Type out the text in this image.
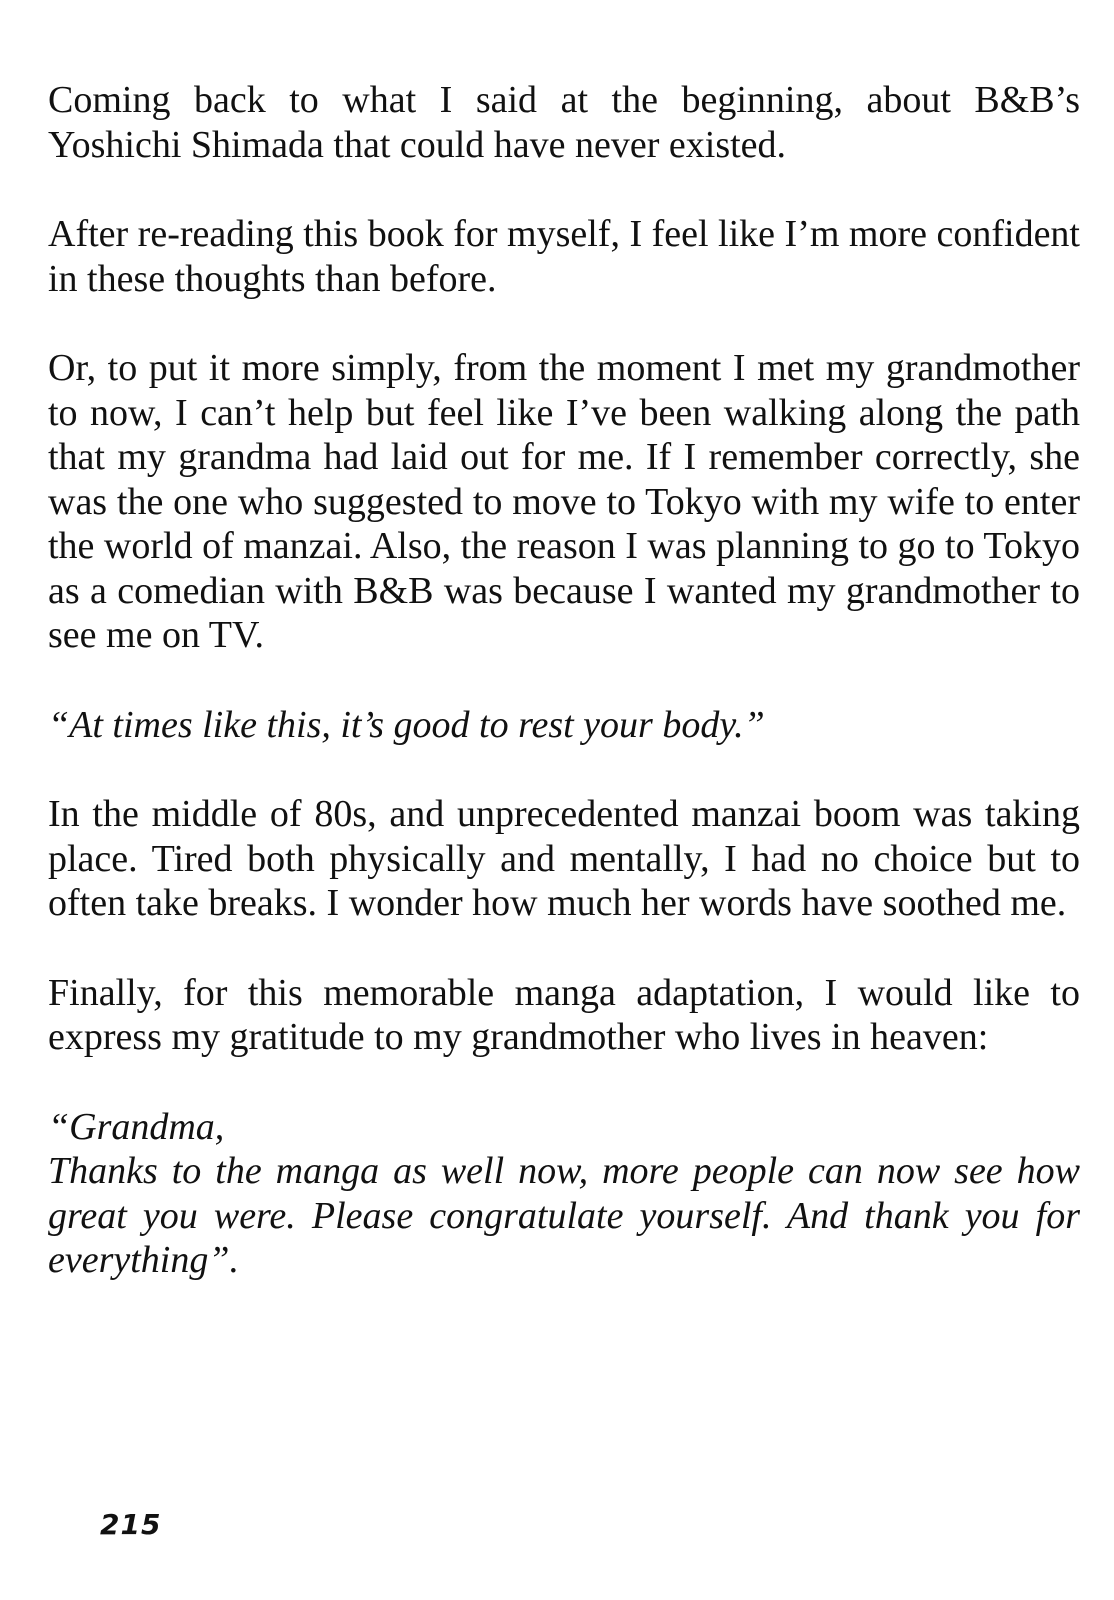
Coming back to what I said at the beginning, about B&B’s Yoshichi Shimada that could have never existed.

After re-reading this book for myself, I feel like I’m more confident in these thoughts than before.

Or, to put it more simply, from the moment I met my grandmother to now, I can’t help but feel like I’ve been walking along the path that my grandma had laid out for me. If I remember correctly, she was the one who suggested to move to Tokyo with my wife to enter the world of manzai. Also, the reason I was planning to go to Tokyo as a comedian with B&B was because I wanted my grandmother to see me on TV.

“At times like this, it’s good to rest your body.”

In the middle of 80s, and unprecedented manzai boom was taking place. Tired both physically and mentally, I had no choice but to often take breaks. I wonder how much her words have soothed me.

Finally, for this memorable manga adaptation, I would like to express my gratitude to my grandmother who lives in heaven:

“Grandma,
Thanks to the manga as well now, more people can now see how great you were. Please congratulate yourself. And thank you for everything”.

215
